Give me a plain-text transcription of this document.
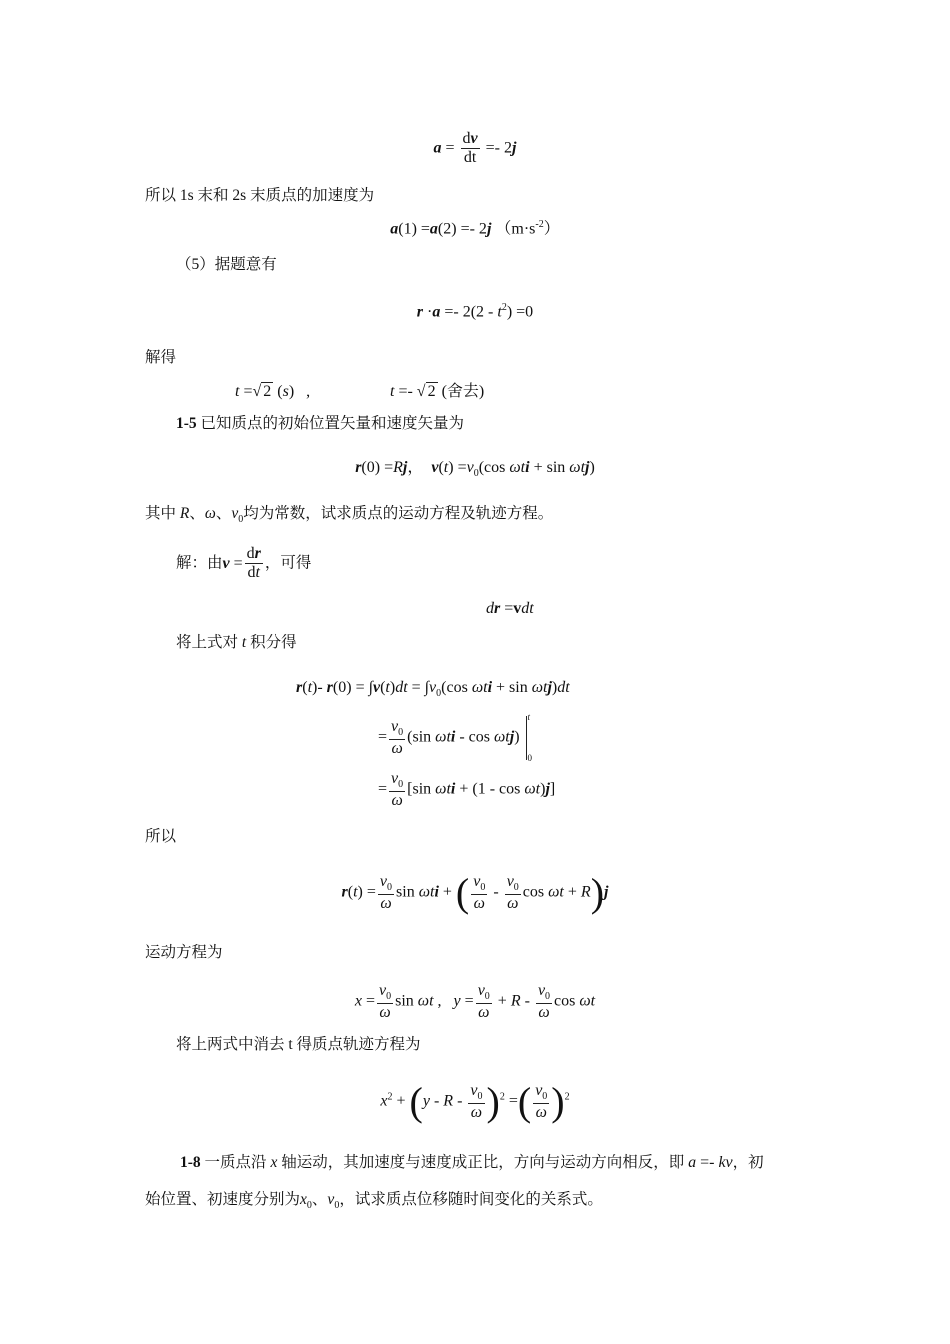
$a = \frac{dv}{dt} =- 2j$
所以 1s 末和 2s 末质点的加速度为
a(1) =a(2) =- 2j $(m\cdot s^{-2})$
（5）据题意有
$r \cdot a =- 2(2 - t^2) =0$
解得
t =√ 2 (s)   ,	t =- √ 2 (舍去)
1-5 已知质点的初始位置矢量和速度矢量为
r(0) =Rj，  $v(t) =v_0(\cos$ ωti + sin ωtj)
其中 R、ω、$v_0$均为常数，试求质点的运动方程及轨迹方程。
解：由$v = \frac{dr}{dt}$ ，可得
dr =vdt
将上式对 t 积分得
r(t)- $r(0) = \int v(t)dt = \int v_0(\cos$ ωti + sin ωtj)dt
= $\frac{v_0}{\omega} (\sin$ ωti - cos ωtj)
t
0
= $\frac{v_0}{\omega} [\sin$ ωti + (1 - cos ωt)j]
所以
$r(t) = \frac{v_0}{\omega}$ sin ωti + ( $\frac{v_0}{\omega} - \frac{v_0}{\omega}$ cos ωt + R)j
运动方程为
$x = \frac{v_0}{\omega}$ sin ωt ,   $y = \frac{v_0}{\omega} + R - \frac{v_0}{\omega}$ cos ωt
将上两式中消去 t 得质点轨迹方程为
$x^2 + (y - R - \frac{v_0}{\omega} )^2$ =( $\frac{v_0}{\omega} )^2$
1-8 一质点沿 x 轴运动，其加速度与速度成正比，方向与运动方向相反，即 a =- kv，初
始位置、初速度分别为$x_0$、$v_0$，试求质点位移随时间变化的关系式。
